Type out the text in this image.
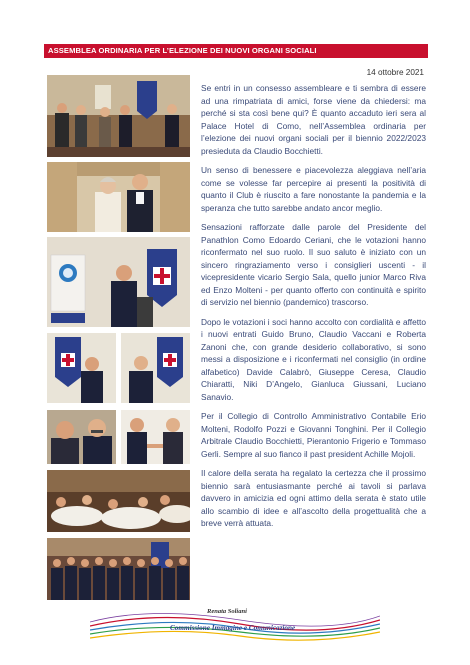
ASSEMBLEA ORDINARIA PER L’ELEZIONE DEI NUOVI ORGANI SOCIALI
14 ottobre 2021

Se entri in un consesso assembleare e ti sembra di essere ad una rimpatriata di amici, forse viene da chiedersi: ma perché si sta così bene qui? È quanto accaduto ieri sera al Palace Hotel di Como, nell’Assemblea ordinaria per l’elezione dei nuovi organi sociali per il biennio 2022/2023 presieduta da Claudio Bocchietti.

Un senso di benessere e piacevolezza aleggiava nell’aria come se volesse far percepire ai presenti la positività di quanto il Club è riuscito a fare nonostante la pandemia e la speranza che tutto sarebbe andato ancor meglio.

Sensazioni rafforzate dalle parole del Presidente del Panathlon Como Edoardo Ceriani, che le votazioni hanno riconfermato nel suo ruolo. Il suo saluto è iniziato con un sincero ringraziamento verso i consiglieri uscenti - il vicepresidente vicario Sergio Sala, quello junior Marco Riva ed Enzo Molteni - per quanto offerto con continuità e spirito di servizio nel biennio (pandemico) trascorso.

Dopo le votazioni i soci hanno accolto con cordialità e affetto i nuovi entrati Guido Bruno, Claudio Vaccani e Roberta Zanoni che, con grande desiderio collaborativo, si sono messi a disposizione e i riconfermati nel consiglio (in ordine alfabetico) Davide Calabrò, Giuseppe Ceresa, Claudio Chiaratti, Niki D’Angelo, Gianluca Giussani, Luciano Sanavio.

Per il Collegio di Controllo Amministrativo Contabile Erio Molteni, Rodolfo Pozzi e Giovanni Tonghini. Per il Collegio Arbitrale Claudio Bocchietti, Pierantonio Frigerio e Tommaso Gerli. Sempre al suo fianco il past president Achille Mojoli.

Il calore della serata ha regalato la certezza che il prossimo biennio sarà entusiasmante perché ai tavoli si parlava davvero in amicizia ed ogni attimo della serata è stato utile allo scambio di idee e all’ascolto della progettualità che a breve verrà attuata.

Renata Soliani
Commissione Immagine e Comunicazione
